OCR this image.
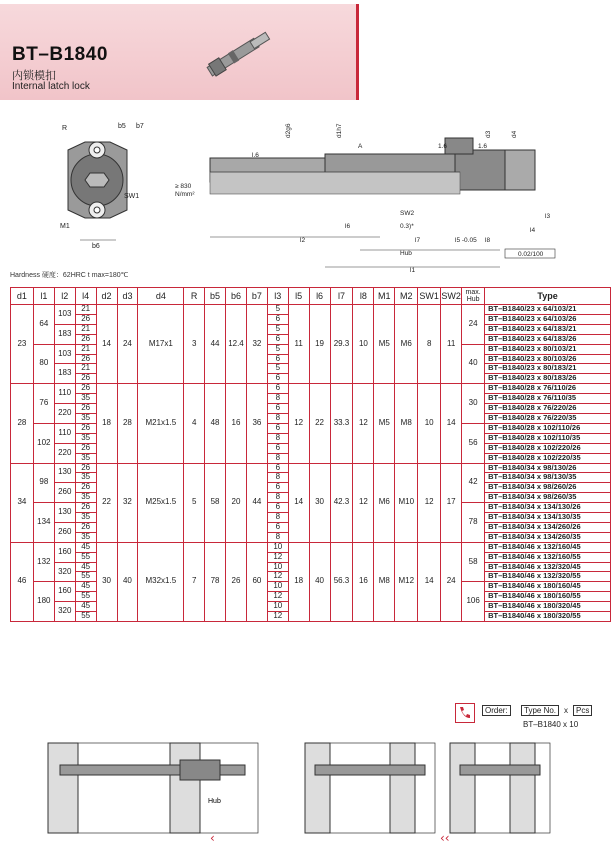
BT–B1840
内锁模扣
Internal latch lock
R	b5 b7
SW1
M1
b6
l.6
d2g6	d1h7
A	1.6	1.6
d3	d4
≥ 830
N/mm²
SW2
0.3)*
l6
l7	l5 -0.05 l8
l3
l4
l2
Hub
l1
0.02/100
Hardness 硬度：62HRC t max=180℃
d1	l1	l2	l4	d2	d3	d4	R	b5	b6	b7	l3	l5	l6	l7	l8	M1	M2	SW1	SW2	max. Hub	Type
23	64	103	21	14	24	M17x1	3	44	12.4	32	5	11	19	29.3	10	M5	M6	8	11	24	BT–B1840/23 x 64/103/21
			26								6										BT–B1840/23 x 64/103/26
		183	21								5										BT–B1840/23 x 64/183/21
			26								6										BT–B1840/23 x 64/183/26
	80	103	21								5									40	BT–B1840/23 x 80/103/21
			26								6										BT–B1840/23 x 80/103/26
		183	21								5										BT–B1840/23 x 80/183/21
			26								6										BT–B1840/23 x 80/183/26
28	76	110	26	18	28	M21x1.5	4	48	16	36	6	12	22	33.3	12	M5	M8	10	14	30	BT–B1840/28 x 76/110/26
			35								8										BT–B1840/28 x 76/110/35
		220	26								6										BT–B1840/28 x 76/220/26
			35								8										BT–B1840/28 x 76/220/35
	102	110	26								6									56	BT–B1840/28 x 102/110/26
			35								8										BT–B1840/28 x 102/110/35
		220	26								6										BT–B1840/28 x 102/220/26
			35								8										BT–B1840/28 x 102/220/35
34	98	130	26	22	32	M25x1.5	5	58	20	44	6	14	30	42.3	12	M6	M10	12	17	42	BT–B1840/34 x 98/130/26
			35								8										BT–B1840/34 x 98/130/35
		260	26								6										BT–B1840/34 x 98/260/26
			35								8										BT–B1840/34 x 98/260/35
	134	130	26								6									78	BT–B1840/34 x 134/130/26
			35								8										BT–B1840/34 x 134/130/35
		260	26								6										BT–B1840/34 x 134/260/26
			35								8										BT–B1840/34 x 134/260/35
46	132	160	45	30	40	M32x1.5	7	78	26	60	10	18	40	56.3	16	M8	M12	14	24	58	BT–B1840/46 x 132/160/45
			55								12										BT–B1840/46 x 132/160/55
		320	45								10										BT–B1840/46 x 132/320/45
			55								12										BT–B1840/46 x 132/320/55
	180	160	45								10									106	BT–B1840/46 x 180/160/45
			55								12										BT–B1840/46 x 180/160/55
		320	45								10										BT–B1840/46 x 180/320/45
			55								12										BT–B1840/46 x 180/320/55
Order:	Type No. x	Pcs
BT–B1840 x 10
Hub
‹	‹‹
